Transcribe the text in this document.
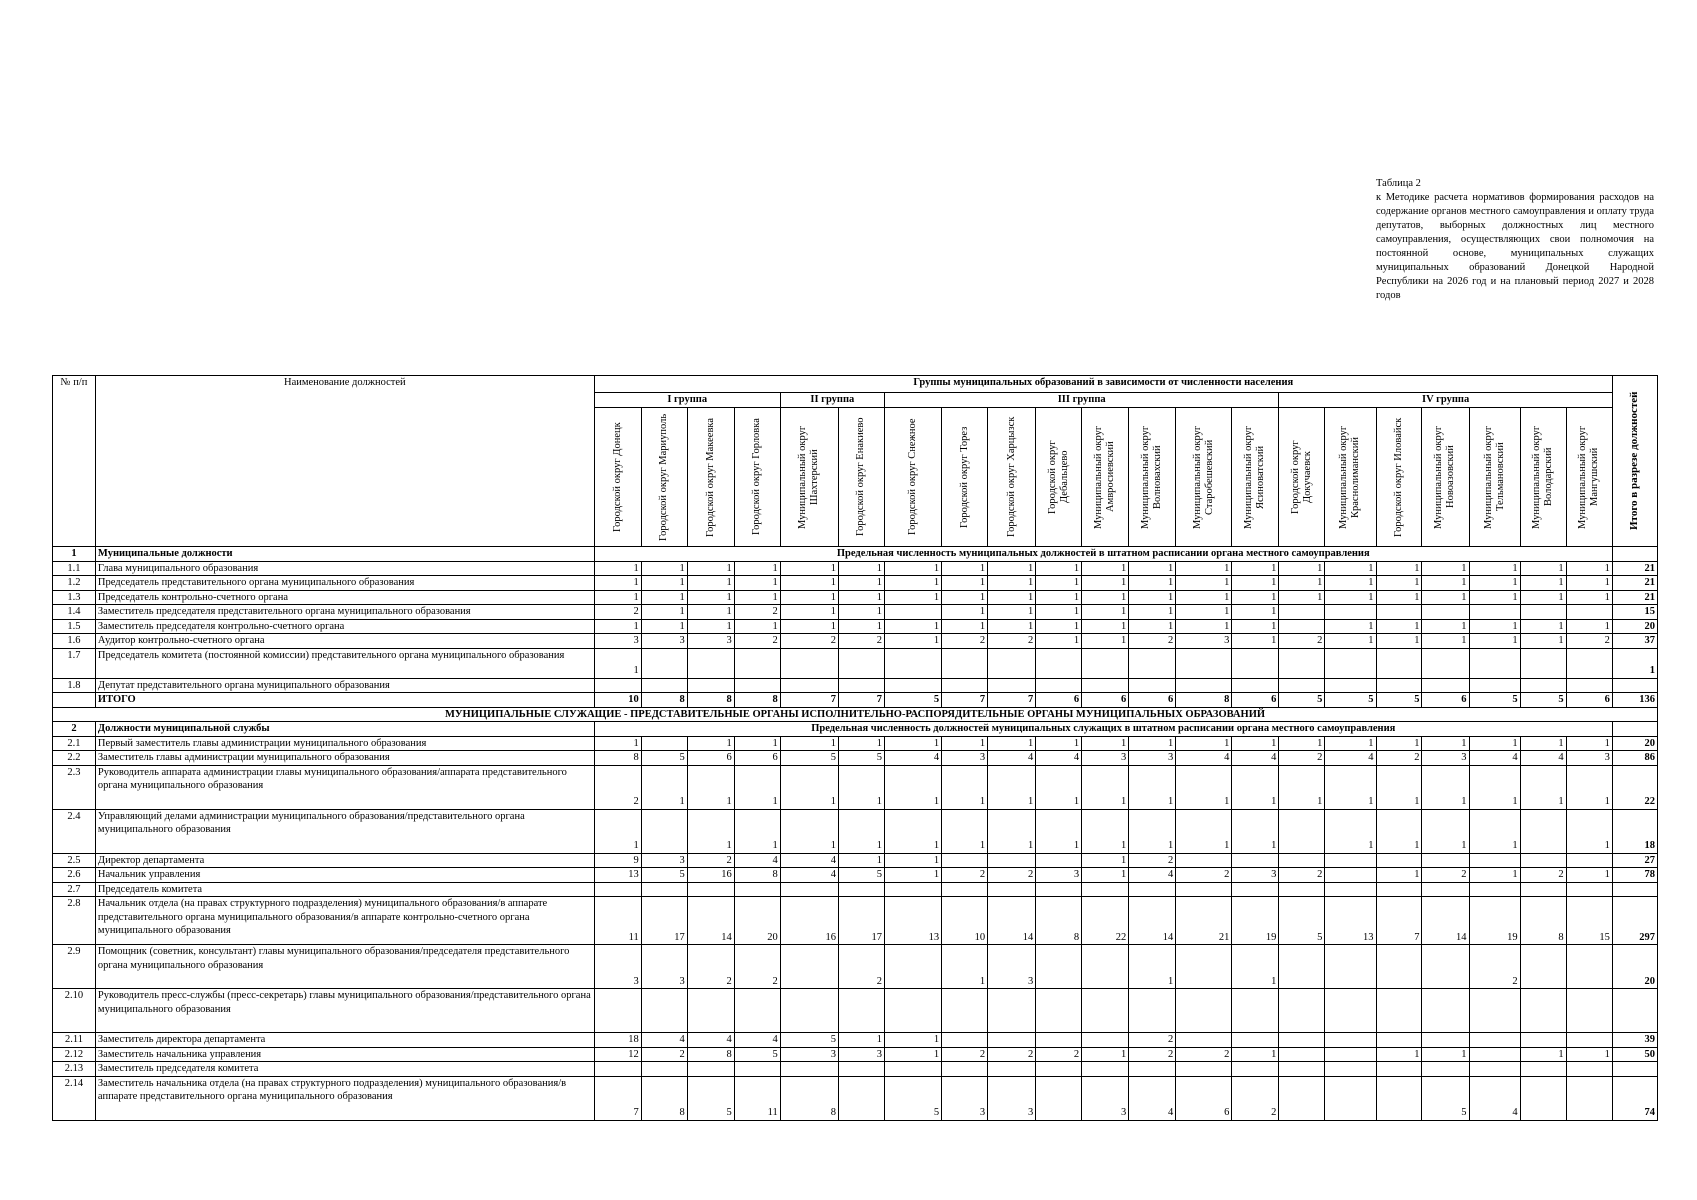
Таблица 2
к Методике расчета нормативов формирования расходов на содержание органов местного самоуправления и оплату труда депутатов, выборных должностных лиц местного самоуправления, осуществляющих свои полномочия на постоянной основе, муниципальных служащих муниципальных образований Донецкой Народной Республики на 2026 год и на плановый период 2027 и 2028 годов
№ п/п	Наименование должностей	Группы муниципальных образований в зависимости от численности населения																					Итого в разрезе должностей

		I группа				II группа		III группа								IV группа							

		Городской округ Донецк	Городской округ Мариуполь	Городской округ Макеевка	Городской округ Горловка	Муниципальный округ Шахтерский	Городской округ Енакиево	Городской округ Снежное	Городской округ Торез	Городской округ Харцызск	Городской округ Дебальцево	Муниципальный округ Амвросиевский	Муниципальный округ Волновахский	Муниципальный округ Старобешевский	Муниципальный округ Ясиноватский	Городской округ Докучаевск	Муниципальный округ Краснолиманский	Городской округ Иловайск	Муниципальный округ Новоазовский	Муниципальный округ Тельмановский	Муниципальный округ Володарский	Муниципальный округ Мангушский	

1	Муниципальные должности	Предельная численность муниципальных должностей в штатном расписании органа местного самоуправления																					
1.1	Глава муниципального образования	1	1	1	1	1	1	1	1	1	1	1	1	1	1	1	1	1	1	1	1	1	21
1.2	Председатель представительного органа муниципального образования	1	1	1	1	1	1	1	1	1	1	1	1	1	1	1	1	1	1	1	1	1	21
1.3	Председатель контрольно-счетного органа	1	1	1	1	1	1	1	1	1	1	1	1	1	1	1	1	1	1	1	1	1	21
1.4	Заместитель председателя представительного органа муниципального образования	2	1	1	2	1	1		1	1	1	1	1	1	1								15
1.5	Заместитель председателя контрольно-счетного органа	1	1	1	1	1	1	1	1	1	1	1	1	1	1		1	1	1	1	1	1	20
1.6	Аудитор контрольно-счетного органа	3	3	3	2	2	2	1	2	2	1	1	2	3	1	2	1	1	1	1	1	2	37
1.7	Председатель комитета (постоянной комиссии) представительного органа муниципального образования	1																					1
1.8	Депутат представительного органа муниципального образования																						
	ИТОГО	10	8	8	8	7	7	5	7	7	6	6	6	8	6	5	5	5	6	5	5	6	136
МУНИЦИПАЛЬНЫЕ СЛУЖАЩИЕ - ПРЕДСТАВИТЕЛЬНЫЕ ОРГАНЫ ИСПОЛНИТЕЛЬНО-РАСПОРЯДИТЕЛЬНЫЕ ОРГАНЫ МУНИЦИПАЛЬНЫХ ОБРАЗОВАНИЙ																							
2	Должности муниципальной службы	Предельная численность должностей муниципальных служащих в штатном расписании органа местного самоуправления																					
2.1	Первый заместитель главы администрации муниципального образования	1		1	1	1	1	1	1	1	1	1	1	1	1	1	1	1	1	1	1	1	20
2.2	Заместитель главы администрации муниципального образования	8	5	6	6	5	5	4	3	4	4	3	3	4	4	2	4	2	3	4	4	3	86
2.3	Руководитель аппарата администрации главы муниципального образования/аппарата представительного органа муниципального образования	2	1	1	1	1	1	1	1	1	1	1	1	1	1	1	1	1	1	1	1	1	22
2.4	Управляющий делами администрации муниципального образования/представительного органа муниципального образования	1		1	1	1	1	1	1	1	1	1	1	1	1		1	1	1	1		1	18
2.5	Директор департамента	9	3	2	4	4	1	1				1	2										27
2.6	Начальник управления	13	5	16	8	4	5	1	2	2	3	1	4	2	3	2		1	2	1	2	1	78
2.7	Председатель комитета																						
2.8	Начальник отдела (на правах структурного подразделения) муниципального образования/в аппарате представительного органа муниципального образования/в аппарате контрольно-счетного органа муниципального образования	11	17	14	20	16	17	13	10	14	8	22	14	21	19	5	13	7	14	19	8	15	297
2.9	Помощник (советник, консультант) главы муниципального образования/председателя представительного органа муниципального образования	3	3	2	2		2		1	3			1		1					2			20
2.10	Руководитель пресс-службы (пресс-секретарь) главы муниципального образования/представительного органа муниципального образования																						
2.11	Заместитель директора департамента	18	4	4	4	5	1	1					2										39
2.12	Заместитель начальника управления	12	2	8	5	3	3	1	2	2	2	1	2	2	1			1	1		1	1	50
2.13	Заместитель председателя комитета																						
2.14	Заместитель начальника отдела (на правах структурного подразделения) муниципального образования/в аппарате представительного органа муниципального образования	7	8	5	11	8		5	3	3		3	4	6	2				5	4			74
